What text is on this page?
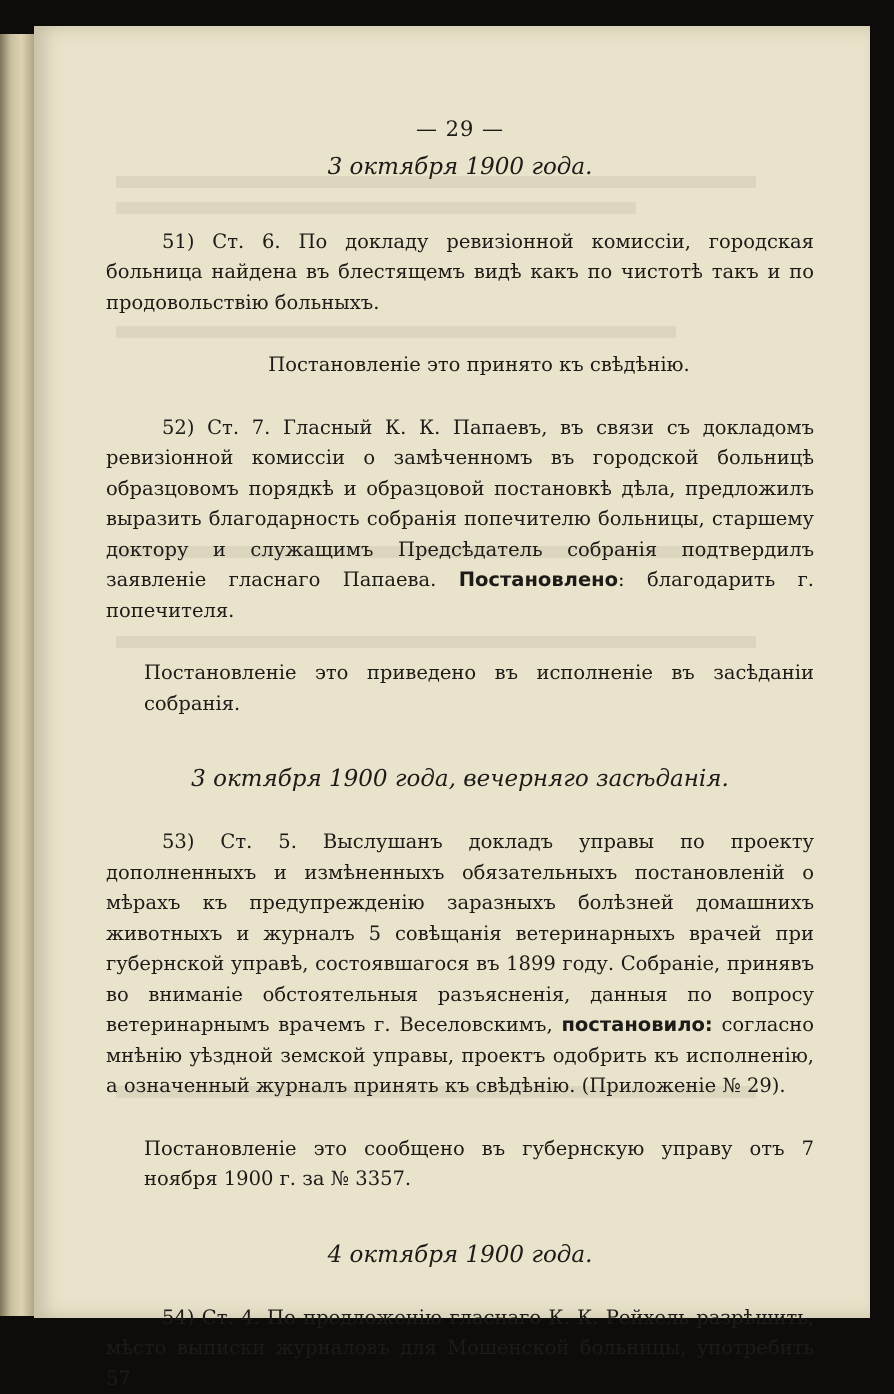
— 29 —
3 октября 1900 года.

51) Ст. 6. По докладу ревизіонной комиссіи, городская больница найдена въ блестящемъ видѣ какъ по чистотѣ такъ и по продовольствію больныхъ.

Постановленіе это принято къ свѣдѣнію.

52) Ст. 7. Гласный К. К. Папаевъ, въ связи съ докладомъ ревизіонной комиссіи о замѣченномъ въ городской больницѣ образцовомъ порядкѣ и образцовой постановкѣ дѣла, предложилъ выразить благодарность собранія попечителю больницы, старшему доктору и служащимъ Предсѣдатель собранія подтвердилъ заявленіе гласнаго Папаева. Постановлено: благодарить г. попечителя.

Постановленіе это приведено въ исполненіе въ засѣданіи собранія.

3 октября 1900 года, вечерняго засѣданія.

53) Ст. 5. Выслушанъ докладъ управы по проекту дополненныхъ и измѣненныхъ обязательныхъ постановленій о мѣрахъ къ предупрежденію заразныхъ болѣзней домашнихъ животныхъ и журналъ 5 совѣщанія ветеринарныхъ врачей при губернской управѣ, состоявшагося въ 1899 году. Собраніе, принявъ во вниманіе обстоятельныя разъясненія, данныя по вопросу ветеринарнымъ врачемъ г. Веселовскимъ, постановило: согласно мнѣнію уѣздной земской управы, проектъ одобрить къ исполненію, а означенный журналъ принять къ свѣдѣнію. (Приложеніе № 29).

Постановленіе это сообщено въ губернскую управу отъ 7 ноября 1900 г. за № 3357.

4 октября 1900 года.

54) Ст. 4. По предложенію гласнаго К. К. Рейхель разрѣшить, мѣсто выписки журналовъ для Мошенской больницы, употребить 57
